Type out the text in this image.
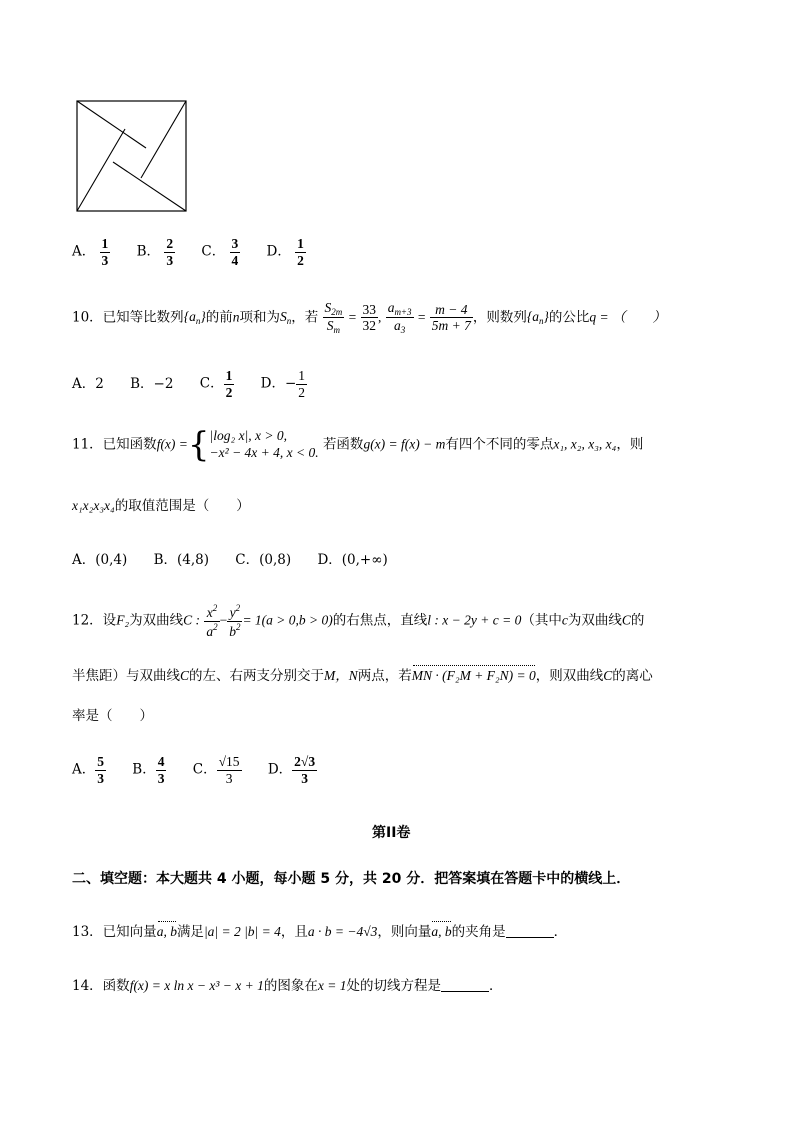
A． $\frac{1}{3}$ B． $\frac{2}{3}$ C． $\frac{3}{4}$ D． $\frac{1}{2}$
10．已知等比数列$\{a_n\}$的前n项和为$S_n$，若 $\frac{S_{2m}}{S_m} = \frac{33}{32}$ , $\frac{a_{m+3}}{a_3} = \frac{m - 4}{5m + 7}$ ，则数列$\{a_n\}$的公比q = （　　）
A．2 B．−2 C． $\frac{1}{2}$ D．− $\frac{1}{2}$
11．已知函数f(x) ={ |log₂ x|, x > 0,
−x² − 4x + 4, x < 0. 若函数g(x) = f(x) − m有四个不同的零点x₁, x₂, x₃, x₄，则
x₁x₂x₃x₄的取值范围是（　　）
A．(0,4) B．(4,8) C．(0,8) D．(0,+∞)
12．设F₂为双曲线C : $\frac{x^2}{a^2} - \frac{y^2}{b^2} = 1(a > 0,b > 0)$的右焦点，直线l : x − 2y + c = 0（其中c为双曲线C的
半焦距）与双曲线C的左、右两支分别交于M，N两点，若MN · (F₂M + F₂N) = 0，则双曲线C的离心
率是（　　）
A． $\frac{5}{3}$ B． $\frac{4}{3}$ C． $\frac{√15}{3}$ D． $\frac{2√3}{3}$
第II卷
二、填空题：本大题共 4 小题，每小题 5 分，共 20 分．把答案填在答题卡中的横线上．
13．已知向量a, b满足|a| = 2 |b| = 4，且a · b = −4√3，则向量a, b的夹角是	．
14．函数f(x) = x ln x − x³ − x + 1的图象在x = 1处的切线方程是	．
